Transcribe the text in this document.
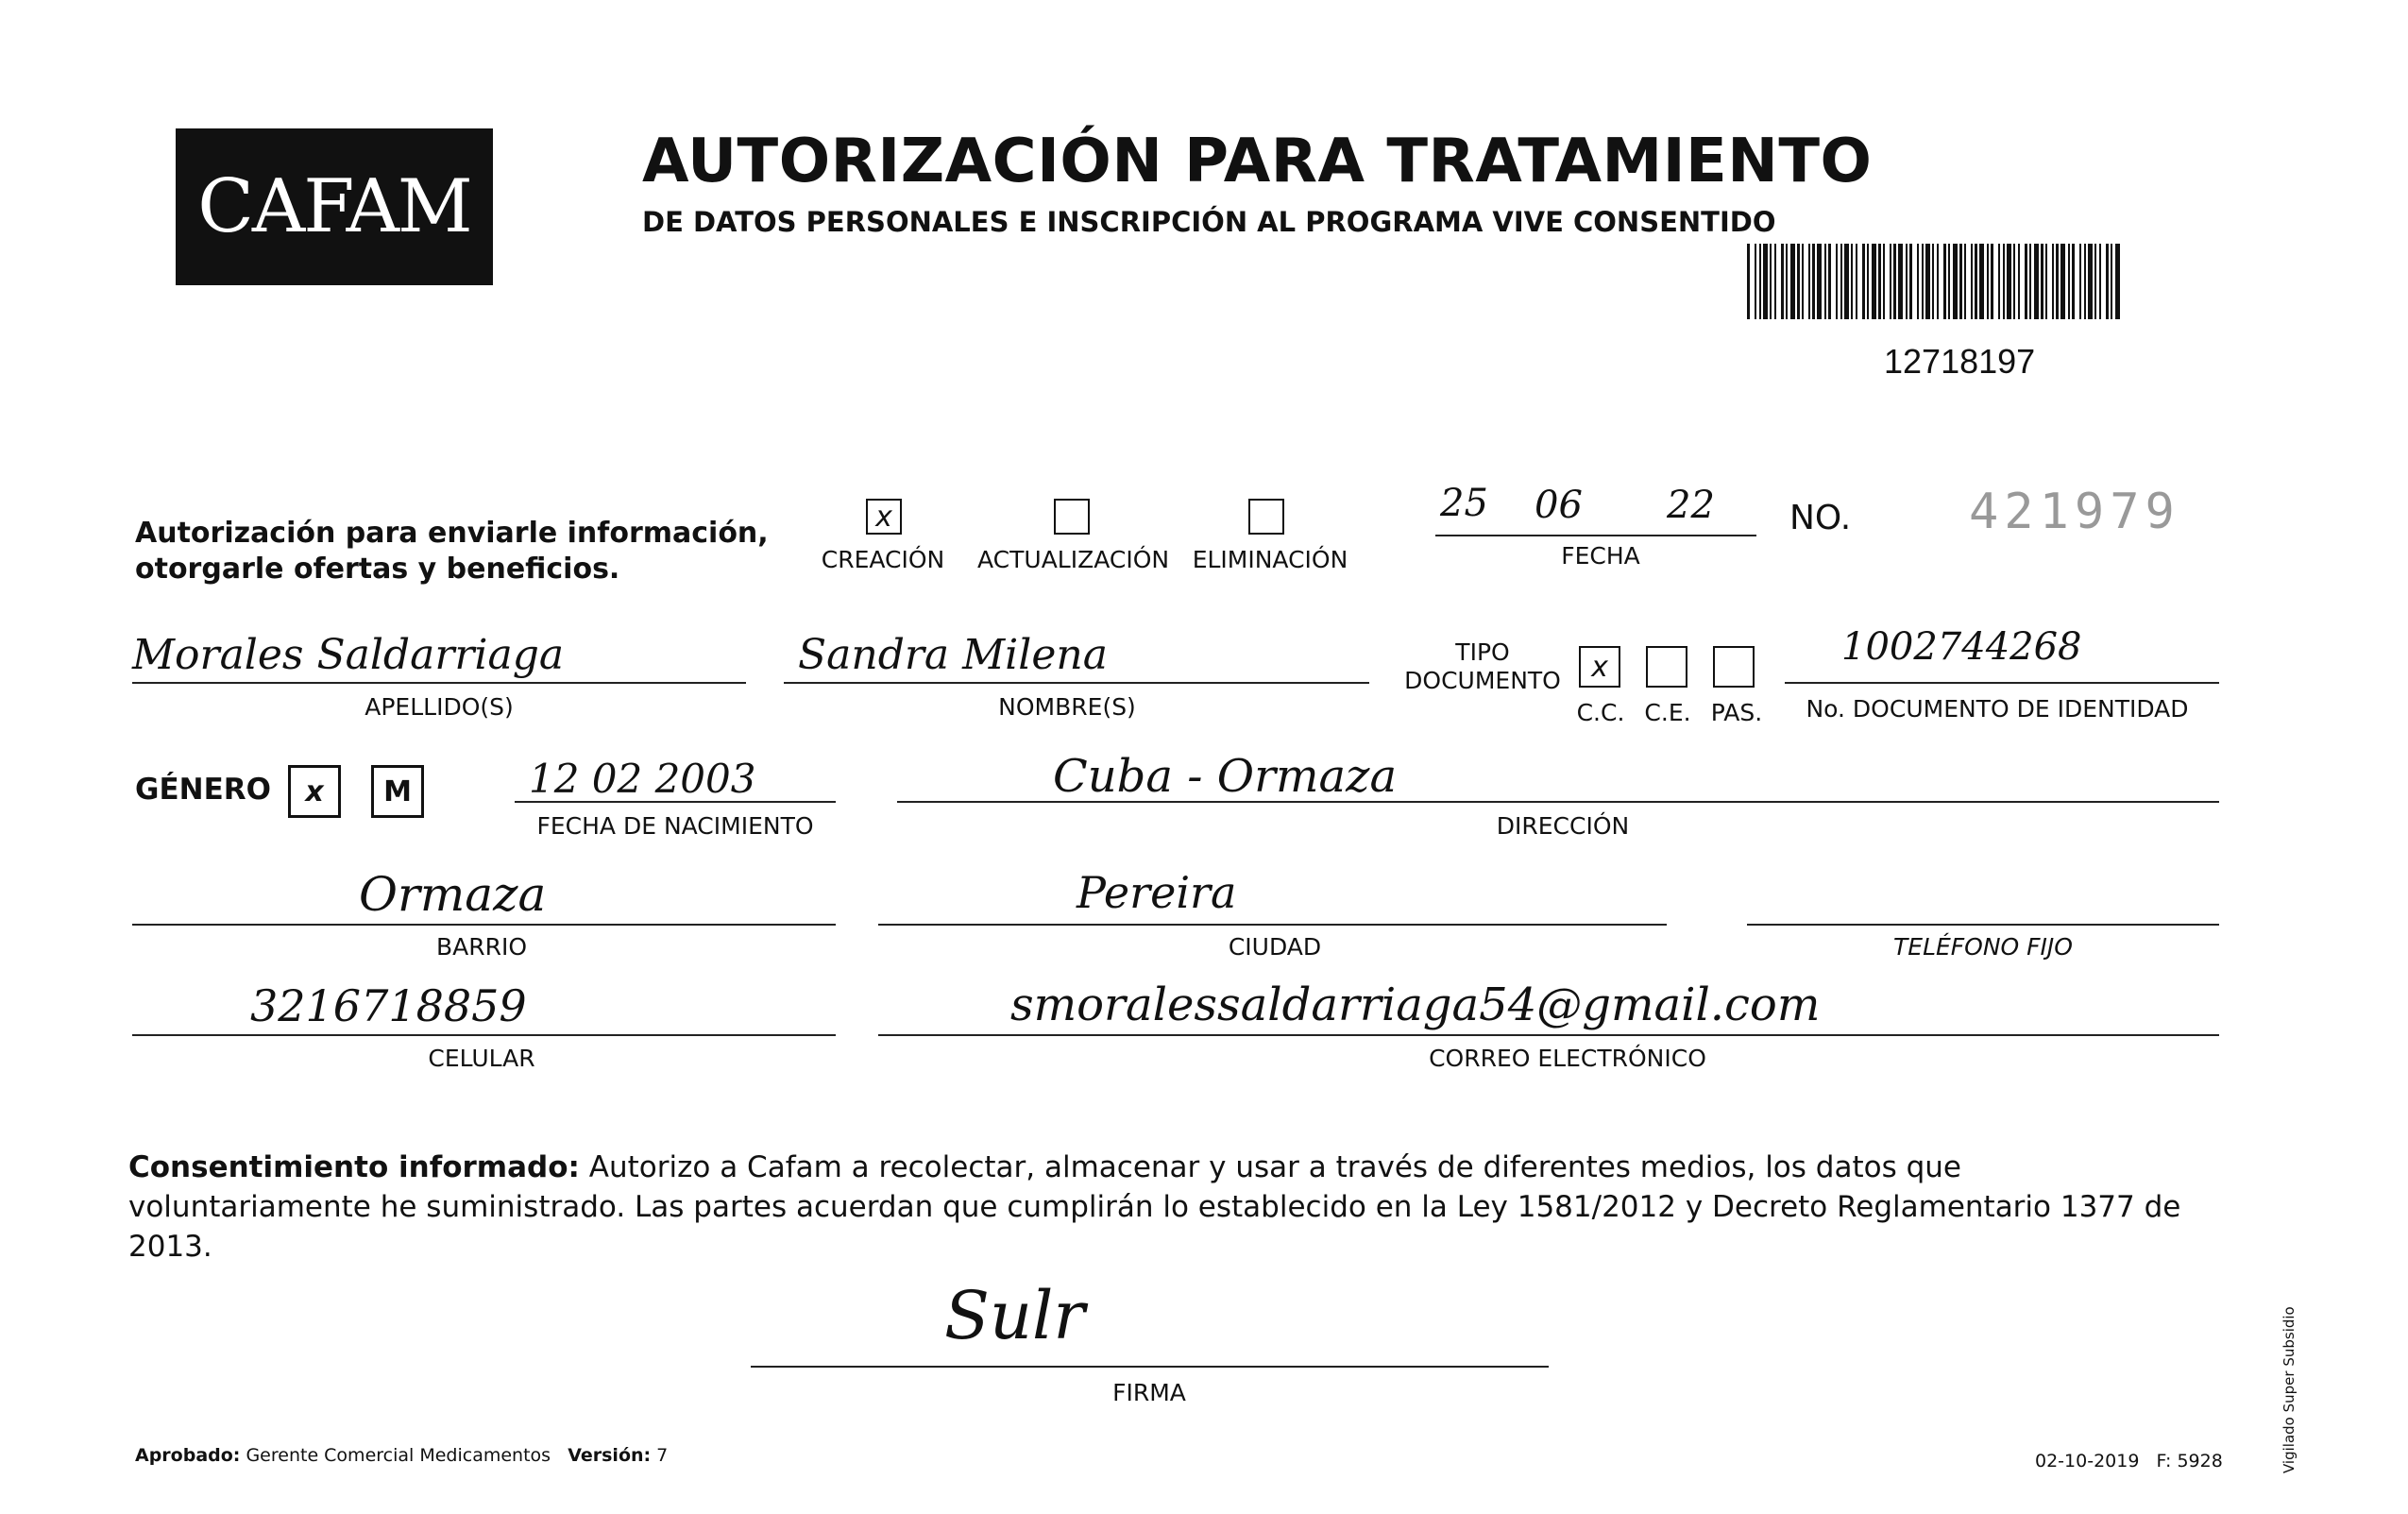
CAFAM
AUTORIZACIÓN PARA TRATAMIENTO
DE DATOS PERSONALES E INSCRIPCIÓN AL PROGRAMA VIVE CONSENTIDO
12718197
Autorización para enviarle información,
otorgarle ofertas y beneficios.
x
CREACIÓN	ACTUALIZACIÓN ELIMINACIÓN
25 06 22
FECHA
NO. 421979
Morales Saldarriaga
APELLIDO(S)
Sandra Milena
NOMBRE(S)
TIPO
DOCUMENTO x
C.C. C.E. PAS.
1002744268
No. DOCUMENTO DE IDENTIDAD
GÉNERO x M	12 02 2003
FECHA DE NACIMIENTO
Cuba - Ormaza
DIRECCIÓN
Ormaza
BARRIO
Pereira
CIUDAD	TELÉFONO FIJO
3216718859
CELULAR
smoralessaldarriaga54@gmail.com
CORREO ELECTRÓNICO
Consentimiento informado: Autorizo a Cafam a recolectar, almacenar y usar a través de diferentes medios, los datos que voluntariamente he suministrado. Las partes acuerdan que cumplirán lo establecido en la Ley 1581/2012 y Decreto Reglamentario 1377 de 2013.
Sulr
FIRMA
Aprobado: Gerente Comercial Medicamentos Versión: 7	02-10-2019 F: 5928	Vigilado Super Subsidio
